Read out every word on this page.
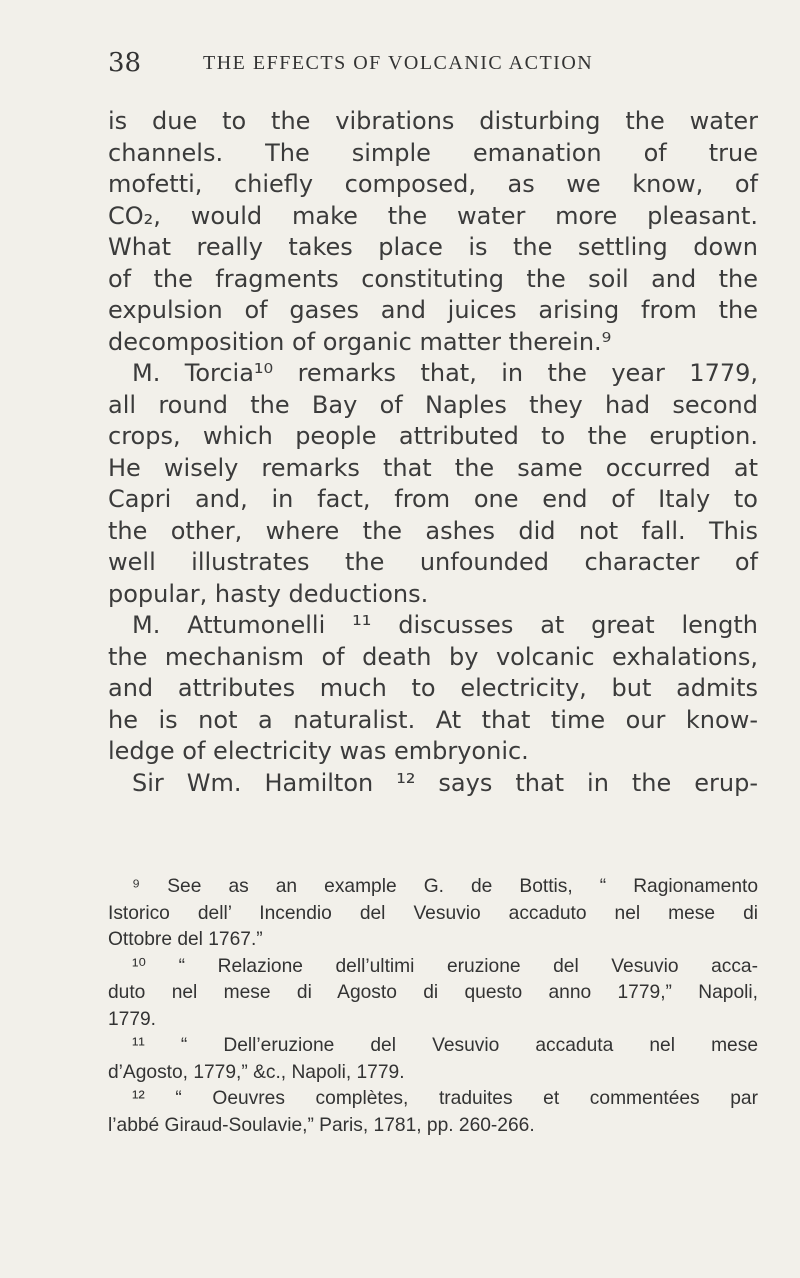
38	THE EFFECTS OF VOLCANIC ACTION
is due to the vibrations disturbing the water
channels. The simple emanation of true
mofetti, chiefly composed, as we know, of
CO₂, would make the water more pleasant.
What really takes place is the settling down
of the fragments constituting the soil and the
expulsion of gases and juices arising from the
decomposition of organic matter therein.⁹
M. Torcia¹⁰ remarks that, in the year 1779,
all round the Bay of Naples they had second
crops, which people attributed to the eruption.
He wisely remarks that the same occurred at
Capri and, in fact, from one end of Italy to
the other, where the ashes did not fall. This
well illustrates the unfounded character of
popular, hasty deductions.
M. Attumonelli ¹¹ discusses at great length
the mechanism of death by volcanic exhalations,
and attributes much to electricity, but admits
he is not a naturalist. At that time our know-
ledge of electricity was embryonic.
Sir Wm. Hamilton ¹² says that in the erup-
⁹ See as an example G. de Bottis, “ Ragionamento
Istorico dell’ Incendio del Vesuvio accaduto nel mese di
Ottobre del 1767.”
¹⁰ “ Relazione dell’ultimi eruzione del Vesuvio acca-
duto nel mese di Agosto di questo anno 1779,” Napoli,
1779.
¹¹ “ Dell’eruzione del Vesuvio accaduta nel mese
d’Agosto, 1779,” &c., Napoli, 1779.
¹² “ Oeuvres complètes, traduites et commentées par
l’abbé Giraud-Soulavie,” Paris, 1781, pp. 260-266.
